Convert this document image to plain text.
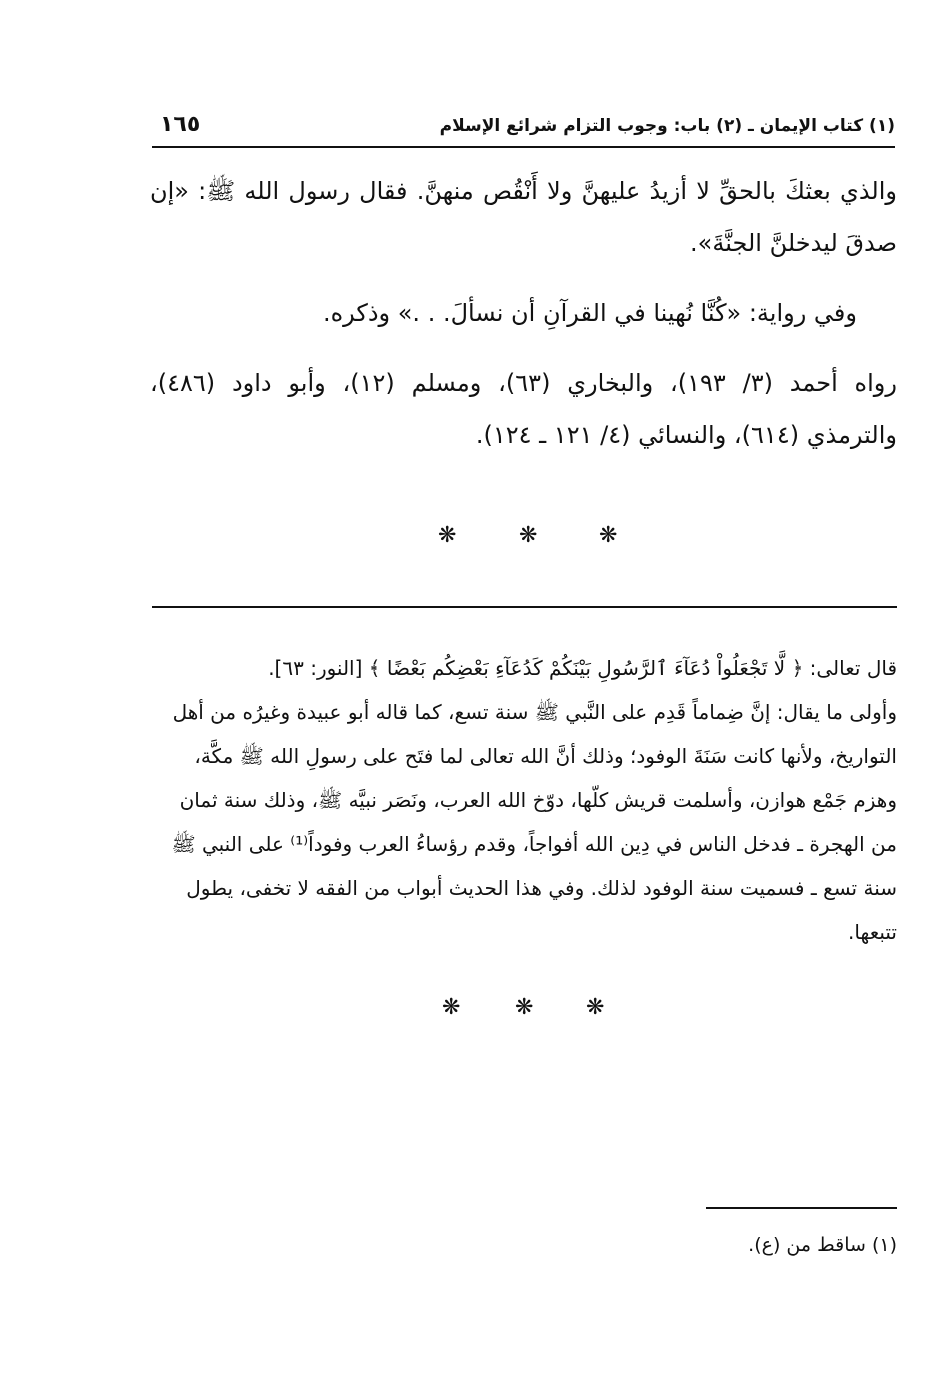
١٦٥	(١) كتاب الإيمان ـ (٢) باب: وجوب التزام شرائع الإسلام

والذي بعثكَ بالحقِّ لا أزيدُ عليهنَّ ولا أَنْقُص منهنَّ. فقال رسول الله ﷺ: «إن صدقَ ليدخلنَّ الجنَّةَ».

وفي رواية: «كُنَّا نُهينا في القرآنِ أن نسألَ. . .» وذكره.

رواه أحمد (٣/ ١٩٣)، والبخاري (٦٣)، ومسلم (١٢)، وأبو داود (٤٨٦)، والترمذي (٦١٤)، والنسائي (٤/ ١٢١ ـ ١٢٤).

❋	❋	❋

قال تعالى: ﴿ لَّا تَجْعَلُواْ دُعَآءَ ٱلرَّسُولِ بَيْنَكُمْ كَدُعَآءِ بَعْضِكُم بَعْضًا ﴾ [النور: ٦٣].

وأولى ما يقال: إنَّ ضِماماً قَدِم على النَّبي ﷺ سنة تسع، كما قاله أبو عبيدة وغيرُه من أهل التواريخ، ولأنها كانت سَنَةَ الوفود؛ وذلك أنَّ الله تعالى لما فتَح على رسولِ الله ﷺ مكَّة، وهزم جَمْع هوازن، وأسلمت قريش كلّها، دوّخ الله العرب، ونَصَر نبيَّه ﷺ، وذلك سنة ثمان من الهجرة ـ فدخل الناس في دِين الله أفواجاً، وقدم رؤساءُ العرب وفوداً⁽¹⁾ على النبي ﷺ سنة تسع ـ فسميت سنة الوفود لذلك. وفي هذا الحديث أبواب من الفقه لا تخفى، يطول تتبعها.

❋ ❋ ❋
(١) ساقط من (ع).
